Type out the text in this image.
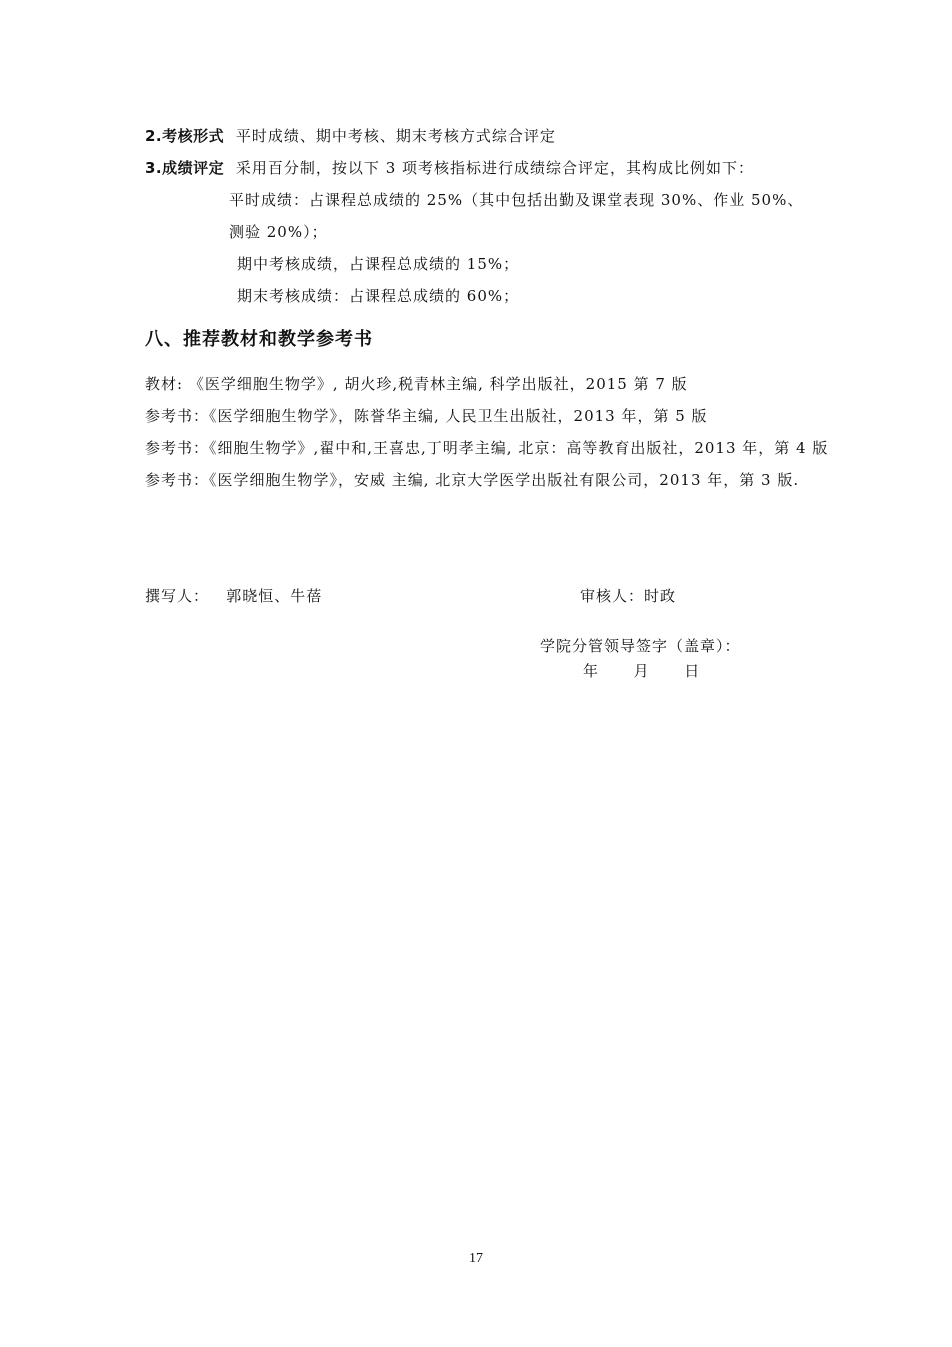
2.考核形式 平时成绩、期中考核、期末考核方式综合评定
3.成绩评定 采用百分制，按以下 3 项考核指标进行成绩综合评定，其构成比例如下：
平时成绩：占课程总成绩的 25%（其中包括出勤及课堂表现 30%、作业 50%、
测验 20%）；
期中考核成绩，占课程总成绩的 15%；
期末考核成绩：占课程总成绩的 60%；
八、推荐教材和教学参考书
教材: 《医学细胞生物学》, 胡火珍,税青林主编, 科学出版社，2015 第 7 版
参考书：《医学细胞生物学》，陈誉华主编, 人民卫生出版社，2013 年，第 5 版
参考书：《细胞生物学》,翟中和,王喜忠,丁明孝主编, 北京：高等教育出版社，2013 年，第 4 版
参考书：《医学细胞生物学》，安威 主编, 北京大学医学出版社有限公司，2013 年，第 3 版.
撰写人：   郭晓恒、牛蓓	审核人：时政
学院分管领导签字（盖章）：
年      月      日
17
